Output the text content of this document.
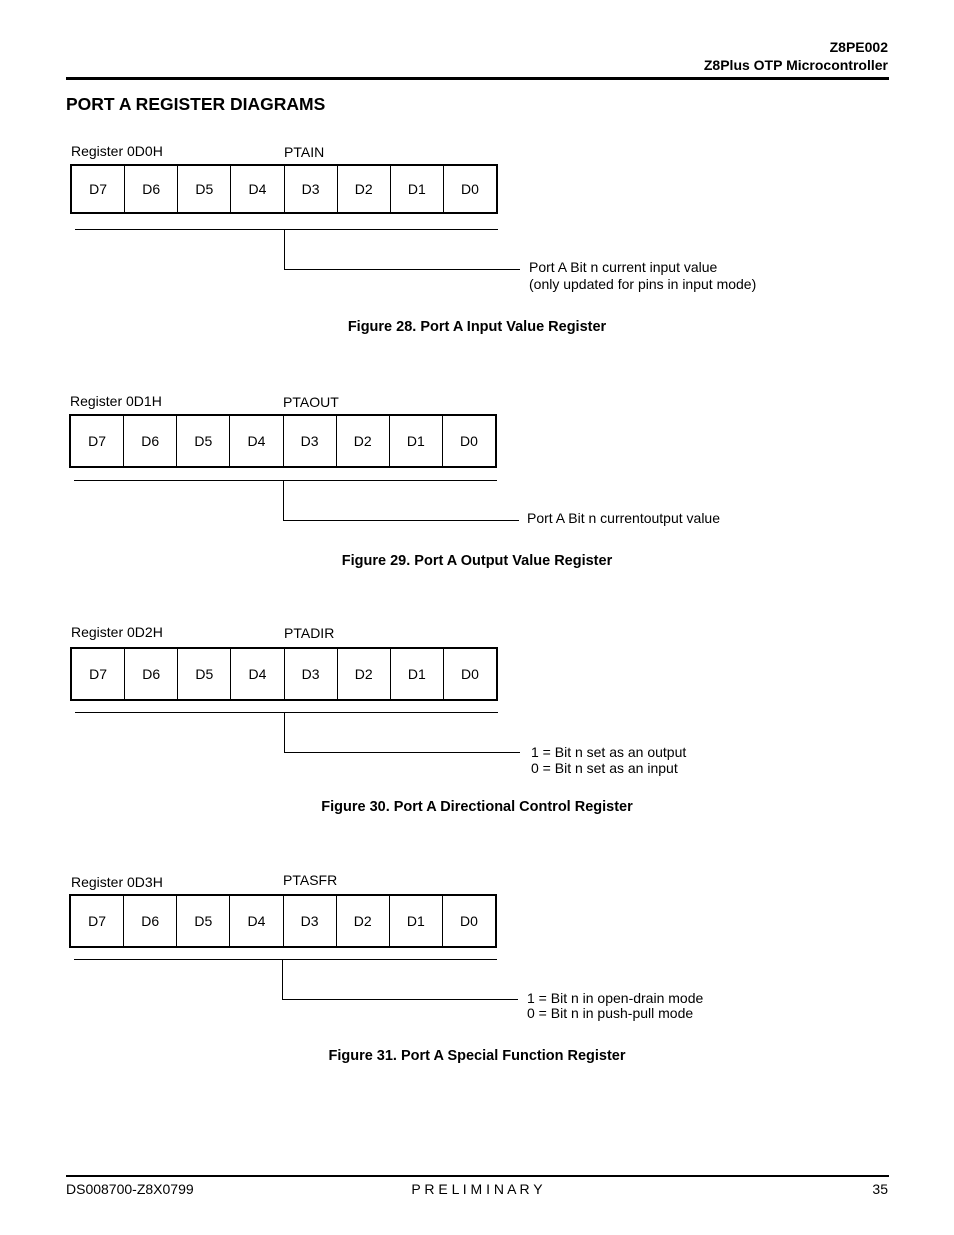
Z8PE002
Z8Plus OTP Microcontroller
PORT A REGISTER DIAGRAMS
Register 0D0H	PTAIN
D7	D6	D5	D4	D3	D2	D1	D0
Port A Bit n current input value
(only updated for pins in input mode)
Figure 28. Port A Input Value Register
Register 0D1H	PTAOUT
D7	D6	D5	D4	D3	D2	D1	D0
Port A Bit n currentoutput value
Figure 29. Port A Output Value Register
Register 0D2H	PTADIR
D7	D6	D5	D4	D3	D2	D1	D0
1 = Bit n set as an output
0 = Bit n set as an input
Figure 30. Port A Directional Control Register
Register 0D3H	PTASFR
D7	D6	D5	D4	D3	D2	D1	D0
1 = Bit n in open-drain mode
0 = Bit n in push-pull mode
Figure 31. Port A Special Function Register
DS008700-Z8X0799	P R E L I M I N A R Y	35
